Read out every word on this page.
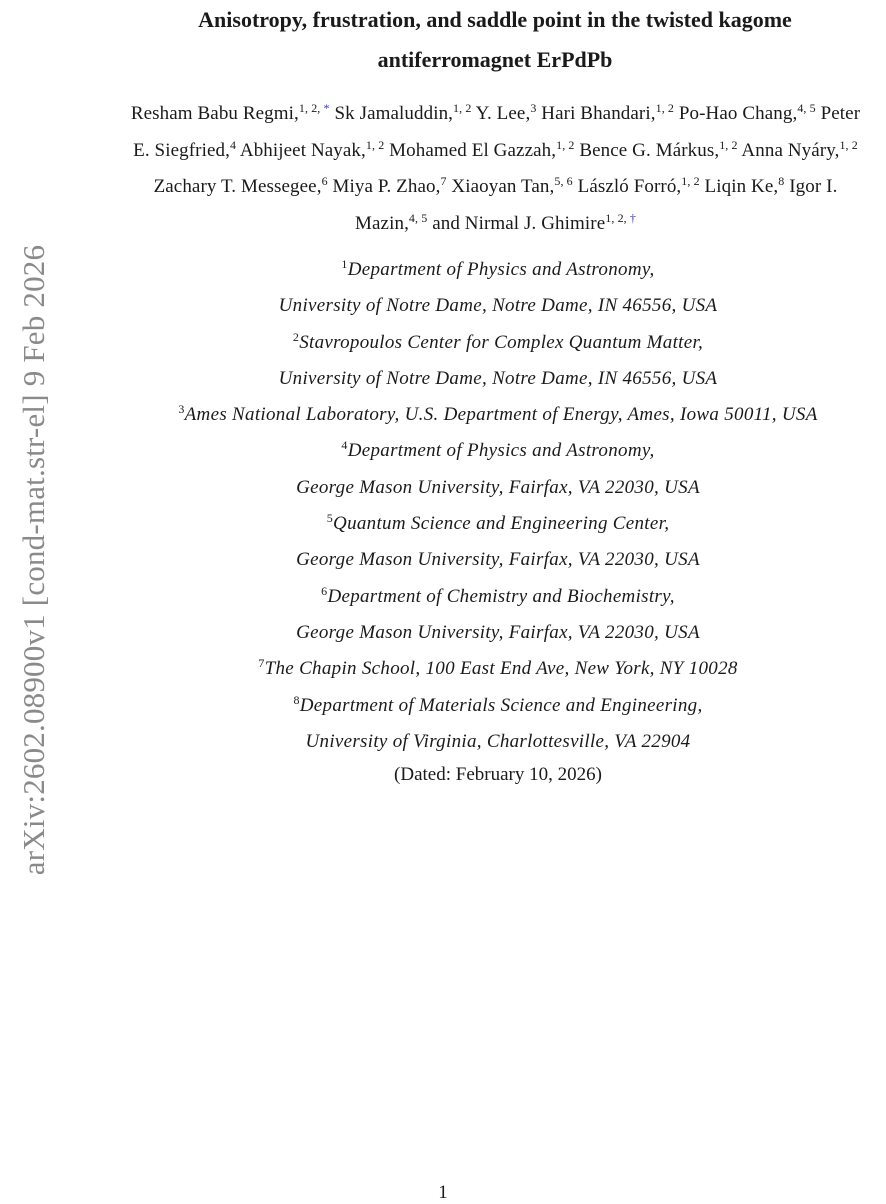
arXiv:2602.08900v1 [cond-mat.str-el] 9 Feb 2026
Anisotropy, frustration, and saddle point in the twisted kagome
antiferromagnet ErPdPb
Resham Babu Regmi,$^{1, 2,}$ * Sk Jamaluddin,$^{1, 2}$ Y. Lee,$^3$ Hari Bhandari,$^{1, 2}$ Po-Hao Chang,$^{4, 5}$ Peter E. Siegfried,$^4$ Abhijeet Nayak,$^{1, 2}$ Mohamed El Gazzah,$^{1, 2}$ Bence G. Márkus,$^{1, 2}$ Anna Nyáry,$^{1, 2}$ Zachary T. Messegee,$^6$ Miya P. Zhao,$^7$ Xiaoyan Tan,$^{5, 6}$ László Forró,$^{1, 2}$ Liqin Ke,$^8$ Igor I. Mazin,$^{4, 5}$ and Nirmal J. Ghimire$^{1, 2,}$ †
$^1$Department of Physics and Astronomy,
University of Notre Dame, Notre Dame, IN 46556, USA
$^2$Stavropoulos Center for Complex Quantum Matter,
University of Notre Dame, Notre Dame, IN 46556, USA
$^3$Ames National Laboratory, U.S. Department of Energy, Ames, Iowa 50011, USA
$^4$Department of Physics and Astronomy,
George Mason University, Fairfax, VA 22030, USA
$^5$Quantum Science and Engineering Center,
George Mason University, Fairfax, VA 22030, USA
$^6$Department of Chemistry and Biochemistry,
George Mason University, Fairfax, VA 22030, USA
$^7$The Chapin School, 100 East End Ave, New York, NY 10028
$^8$Department of Materials Science and Engineering,
University of Virginia, Charlottesville, VA 22904
(Dated: February 10, 2026)
1
